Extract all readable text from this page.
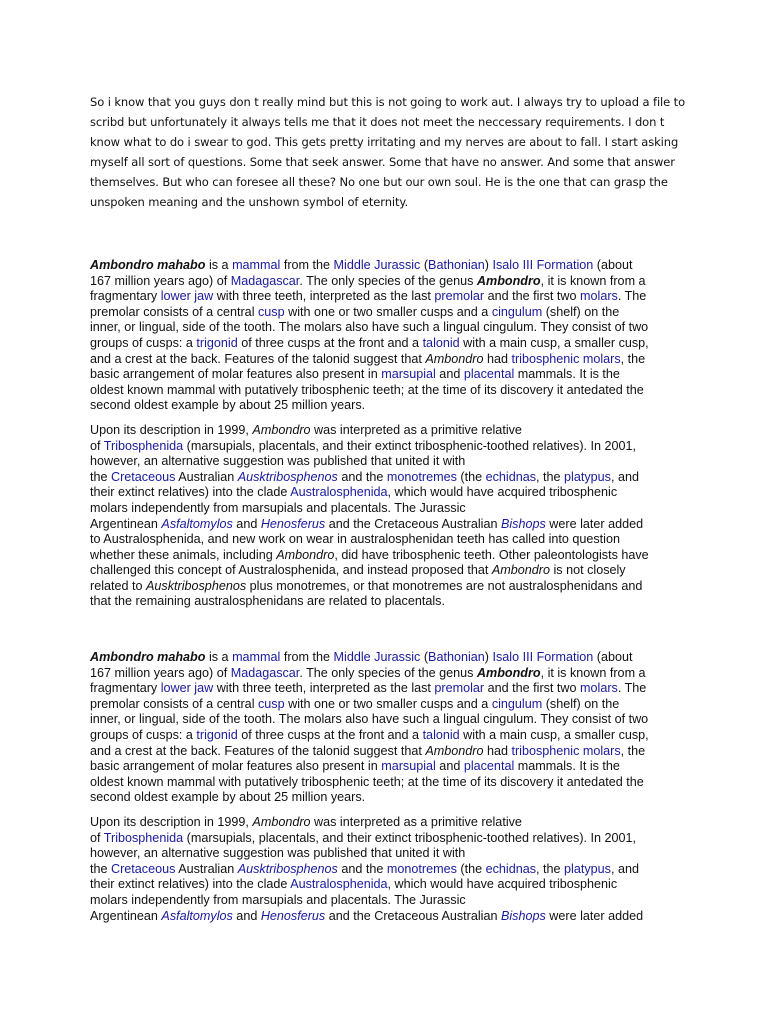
So i know that you guys don t really mind but this is not going to work aut. I always try to upload a file to

scribd but unfortunately it always tells me that it does not meet the neccessary requirements. I don t

know what to do i swear to god. This gets pretty irritating and my nerves are about to fall. I start asking

myself all sort of questions. Some that seek answer. Some that have no answer. And some that answer

themselves. But who can foresee all these? No one but our own soul. He is the one that can grasp the

unspoken meaning and the unshown symbol of eternity.

Ambondro mahabo is a mammal from the Middle Jurassic (Bathonian) Isalo III Formation (about
167 million years ago) of Madagascar. The only species of the genus Ambondro, it is known from a
fragmentary lower jaw with three teeth, interpreted as the last premolar and the first two molars. The
premolar consists of a central cusp with one or two smaller cusps and a cingulum (shelf) on the
inner, or lingual, side of the tooth. The molars also have such a lingual cingulum. They consist of two
groups of cusps: a trigonid of three cusps at the front and a talonid with a main cusp, a smaller cusp,
and a crest at the back. Features of the talonid suggest that Ambondro had tribosphenic molars, the
basic arrangement of molar features also present in marsupial and placental mammals. It is the
oldest known mammal with putatively tribosphenic teeth; at the time of its discovery it antedated the
second oldest example by about 25 million years.

Upon its description in 1999, Ambondro was interpreted as a primitive relative
of Tribosphenida (marsupials, placentals, and their extinct tribosphenic-toothed relatives). In 2001,
however, an alternative suggestion was published that united it with
the Cretaceous Australian Ausktribosphenos and the monotremes (the echidnas, the platypus, and
their extinct relatives) into the clade Australosphenida, which would have acquired tribosphenic
molars independently from marsupials and placentals. The Jurassic
Argentinean Asfaltomylos and Henosferus and the Cretaceous Australian Bishops were later added
to Australosphenida, and new work on wear in australosphenidan teeth has called into question
whether these animals, including Ambondro, did have tribosphenic teeth. Other paleontologists have
challenged this concept of Australosphenida, and instead proposed that Ambondro is not closely
related to Ausktribosphenos plus monotremes, or that monotremes are not australosphenidans and
that the remaining australosphenidans are related to placentals.

Ambondro mahabo is a mammal from the Middle Jurassic (Bathonian) Isalo III Formation (about
167 million years ago) of Madagascar. The only species of the genus Ambondro, it is known from a
fragmentary lower jaw with three teeth, interpreted as the last premolar and the first two molars. The
premolar consists of a central cusp with one or two smaller cusps and a cingulum (shelf) on the
inner, or lingual, side of the tooth. The molars also have such a lingual cingulum. They consist of two
groups of cusps: a trigonid of three cusps at the front and a talonid with a main cusp, a smaller cusp,
and a crest at the back. Features of the talonid suggest that Ambondro had tribosphenic molars, the
basic arrangement of molar features also present in marsupial and placental mammals. It is the
oldest known mammal with putatively tribosphenic teeth; at the time of its discovery it antedated the
second oldest example by about 25 million years.

Upon its description in 1999, Ambondro was interpreted as a primitive relative
of Tribosphenida (marsupials, placentals, and their extinct tribosphenic-toothed relatives). In 2001,
however, an alternative suggestion was published that united it with
the Cretaceous Australian Ausktribosphenos and the monotremes (the echidnas, the platypus, and
their extinct relatives) into the clade Australosphenida, which would have acquired tribosphenic
molars independently from marsupials and placentals. The Jurassic
Argentinean Asfaltomylos and Henosferus and the Cretaceous Australian Bishops were later added
